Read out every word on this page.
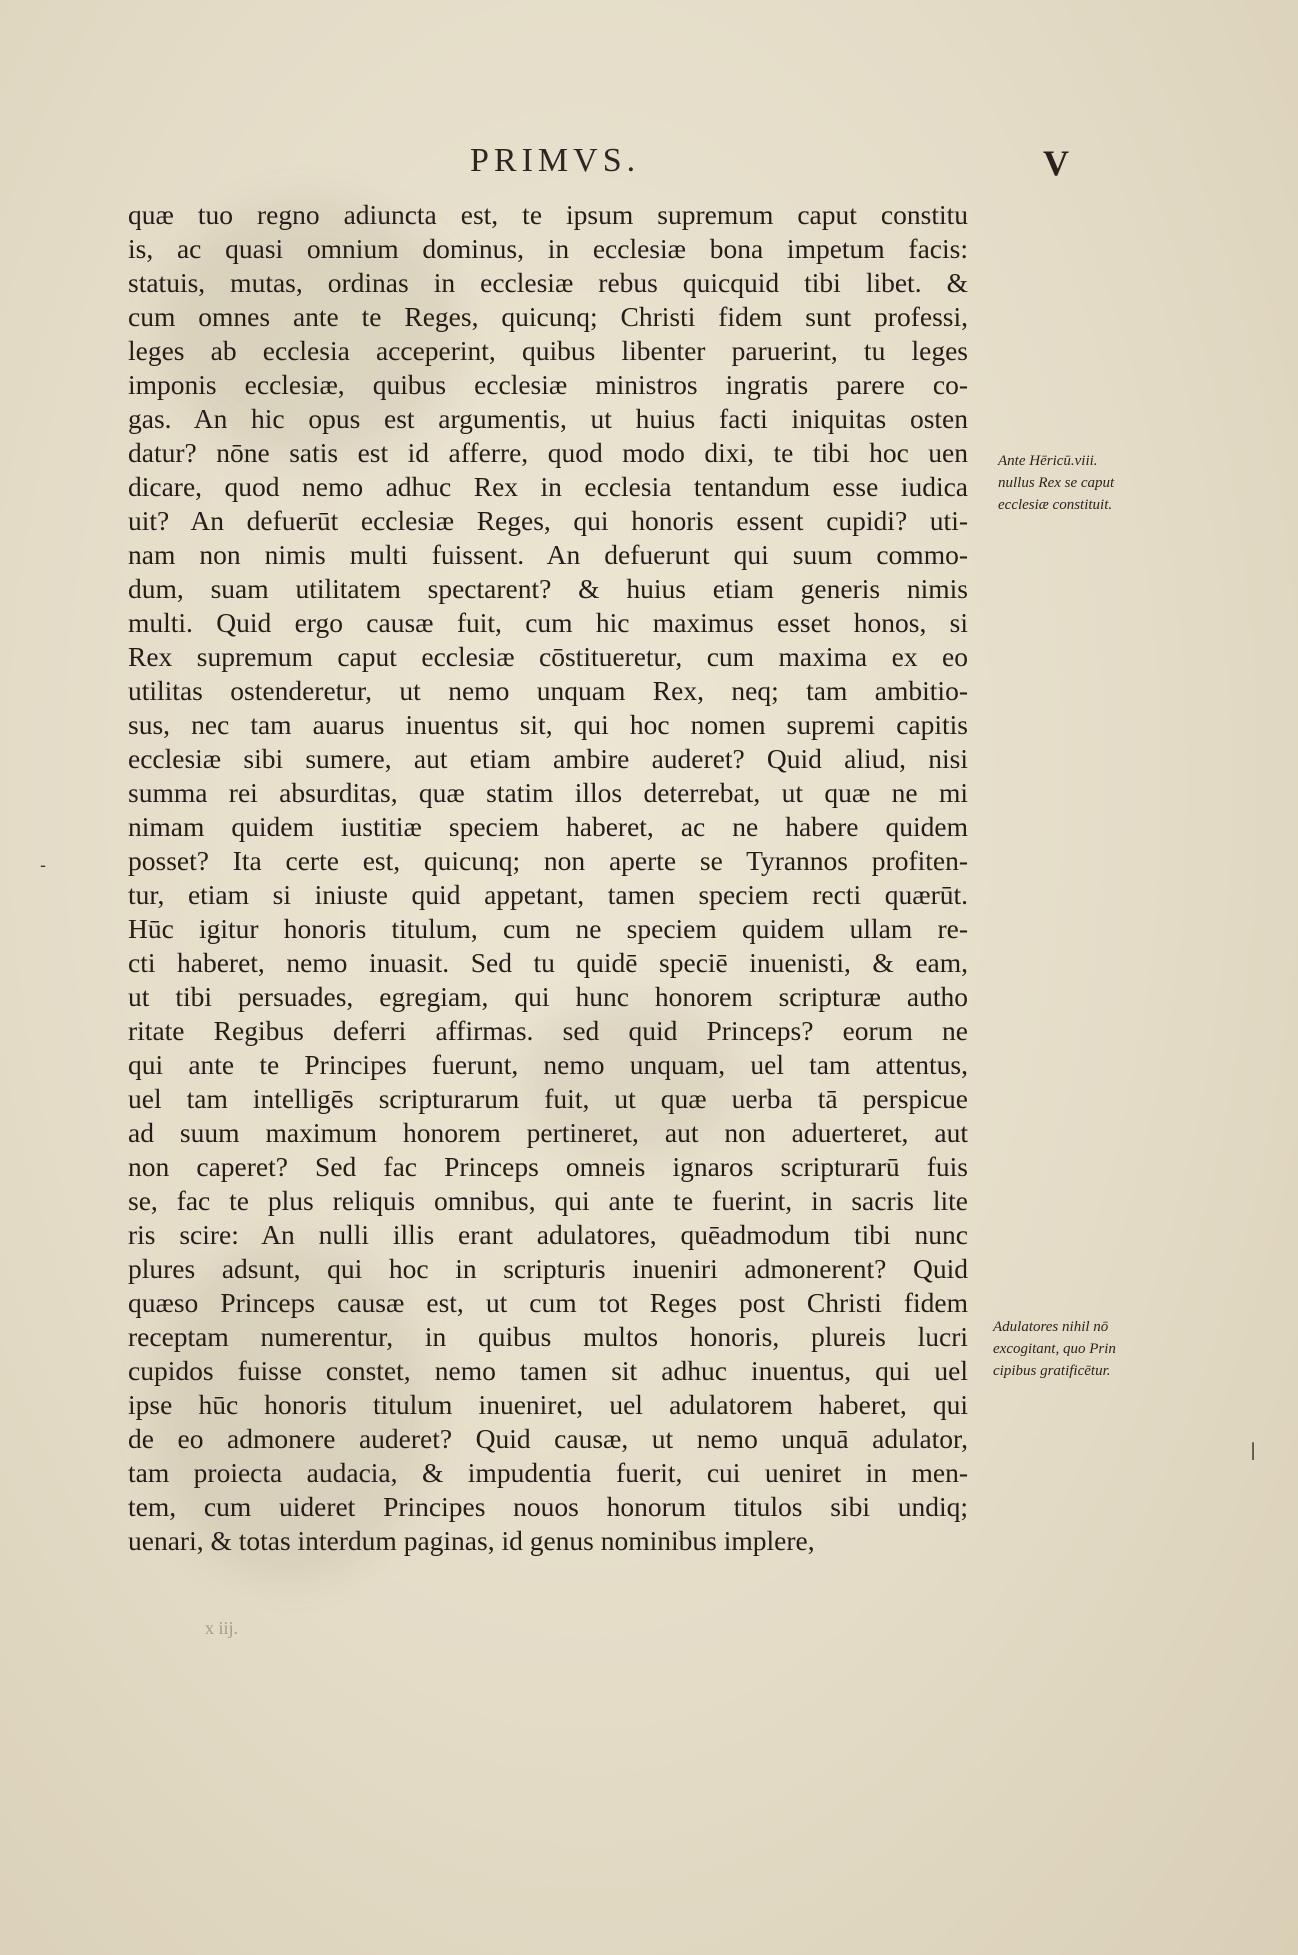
PRIMVS.	V
quæ tuo regno adiuncta est, te ipsum supremum caput constitu
is, ac quasi omnium dominus, in ecclesiæ bona impetum facis:
statuis, mutas, ordinas in ecclesiæ rebus quicquid tibi libet. &
cum omnes ante te Reges, quicunq; Christi fidem sunt professi,
leges ab ecclesia acceperint, quibus libenter paruerint, tu leges
imponis ecclesiæ, quibus ecclesiæ ministros ingratis parere co-
gas. An hic opus est argumentis, ut huius facti iniquitas osten
datur? nōne satis est id afferre, quod modo dixi, te tibi hoc uen
dicare, quod nemo adhuc Rex in ecclesia tentandum esse iudica
uit? An defuerūt ecclesiæ Reges, qui honoris essent cupidi? uti-
nam non nimis multi fuissent. An defuerunt qui suum commo-
dum, suam utilitatem spectarent? & huius etiam generis nimis
multi. Quid ergo causæ fuit, cum hic maximus esset honos, si
Rex supremum caput ecclesiæ cōstitueretur, cum maxima ex eo
utilitas ostenderetur, ut nemo unquam Rex, neq; tam ambitio-
sus, nec tam auarus inuentus sit, qui hoc nomen supremi capitis
ecclesiæ sibi sumere, aut etiam ambire auderet? Quid aliud, nisi
summa rei absurditas, quæ statim illos deterrebat, ut quæ ne mi
nimam quidem iustitiæ speciem haberet, ac ne habere quidem
posset? Ita certe est, quicunq; non aperte se Tyrannos profiten-
tur, etiam si iniuste quid appetant, tamen speciem recti quærūt.
Hūc igitur honoris titulum, cum ne speciem quidem ullam re-
cti haberet, nemo inuasit. Sed tu quidē speciē inuenisti, & eam,
ut tibi persuades, egregiam, qui hunc honorem scripturæ autho
ritate Regibus deferri affirmas. sed quid Princeps? eorum ne
qui ante te Principes fuerunt, nemo unquam, uel tam attentus,
uel tam intelligēs scripturarum fuit, ut quæ uerba tā perspicue
ad suum maximum honorem pertineret, aut non aduerteret, aut
non caperet? Sed fac Princeps omneis ignaros scripturarū fuis
se, fac te plus reliquis omnibus, qui ante te fuerint, in sacris lite
ris scire: An nulli illis erant adulatores, quēadmodum tibi nunc
plures adsunt, qui hoc in scripturis inueniri admonerent? Quid
quæso Princeps causæ est, ut cum tot Reges post Christi fidem
receptam numerentur, in quibus multos honoris, plureis lucri
cupidos fuisse constet, nemo tamen sit adhuc inuentus, qui uel
ipse hūc honoris titulum inueniret, uel adulatorem haberet, qui
de eo admonere auderet? Quid causæ, ut nemo unquā adulator,
tam proiecta audacia, & impudentia fuerit, cui ueniret in men-
tem, cum uideret Principes nouos honorum titulos sibi undiq;
uenari, & totas interdum paginas, id genus nominibus implere,
x iij.
Ante Hēricū.viii.
nullus Rex se caput
ecclesiæ constituit.
Adulatores nihil nō
excogitant, quo Prin
cipibus gratificētur.
-
|
